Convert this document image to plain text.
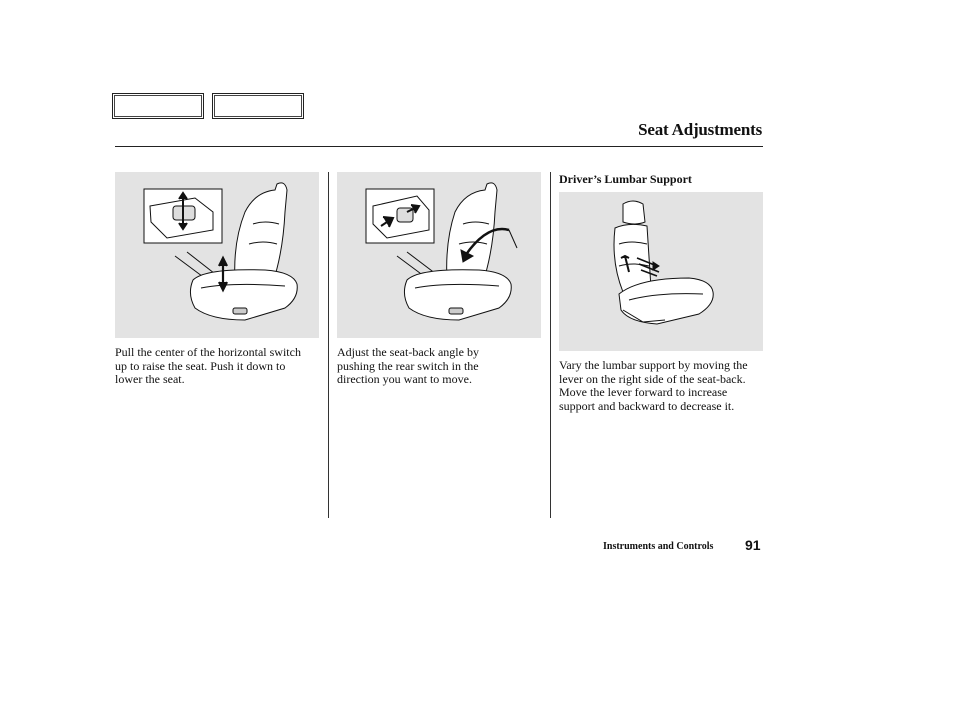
Seat Adjustments
Driver’s Lumbar Support
Pull the center of the horizontal switch up to raise the seat. Push it down to lower the seat.
Adjust the seat-back angle by pushing the rear switch in the direction you want to move.
Vary the lumbar support by moving the lever on the right side of the seat-back. Move the lever forward to increase support and backward to decrease it.
Instruments and Controls 91
